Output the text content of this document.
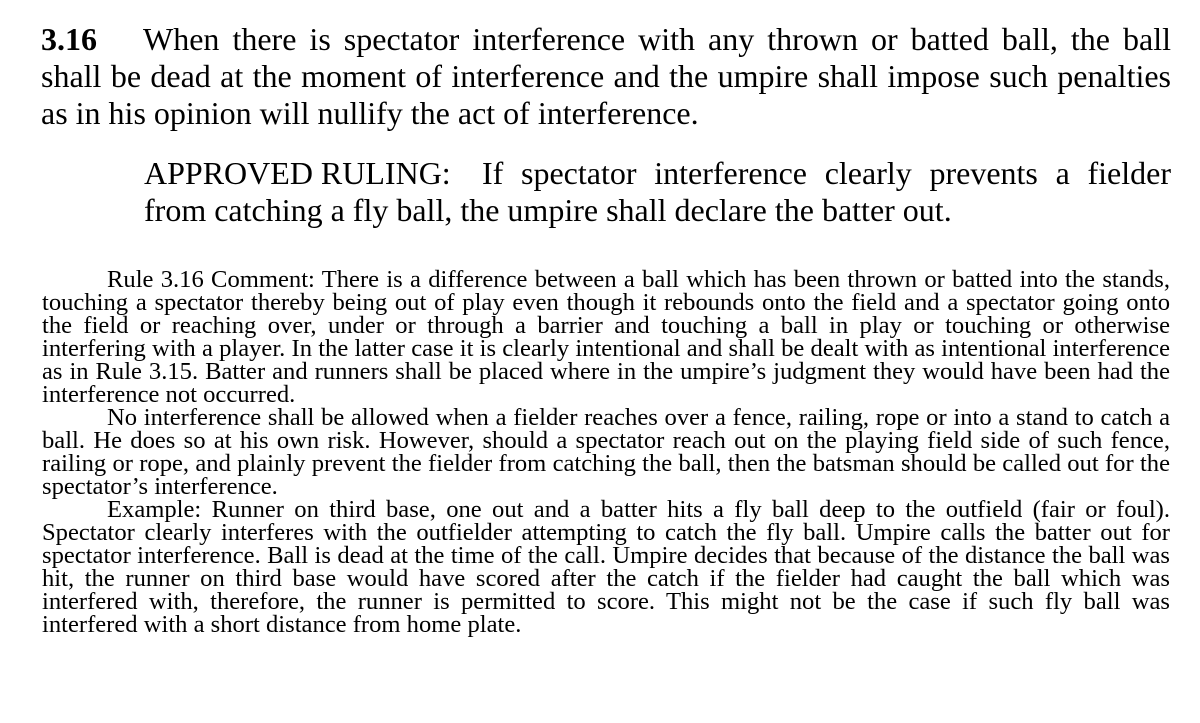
3.16 When there is spectator interference with any thrown or batted ball, the ball shall be dead at the moment of interference and the umpire shall impose such penalties as in his opinion will nullify the act of interference.

APPROVED RULING: If spectator interference clearly prevents a fielder from catching a fly ball, the umpire shall declare the batter out.

Rule 3.16 Comment: There is a difference between a ball which has been thrown or batted into the stands, touching a spectator thereby being out of play even though it rebounds onto the field and a spectator going onto the field or reaching over, under or through a barrier and touching a ball in play or touching or otherwise interfering with a player. In the latter case it is clearly intentional and shall be dealt with as intentional interference as in Rule 3.15. Batter and runners shall be placed where in the umpire’s judgment they would have been had the interference not occurred.

No interference shall be allowed when a fielder reaches over a fence, railing, rope or into a stand to catch a ball. He does so at his own risk. However, should a spectator reach out on the playing field side of such fence, railing or rope, and plainly prevent the fielder from catching the ball, then the batsman should be called out for the spectator’s interference.

Example: Runner on third base, one out and a batter hits a fly ball deep to the outfield (fair or foul). Spectator clearly interferes with the outfielder attempting to catch the fly ball. Umpire calls the batter out for spectator interference. Ball is dead at the time of the call. Umpire decides that because of the distance the ball was hit, the runner on third base would have scored after the catch if the fielder had caught the ball which was interfered with, therefore, the runner is permitted to score. This might not be the case if such fly ball was interfered with a short distance from home plate.
